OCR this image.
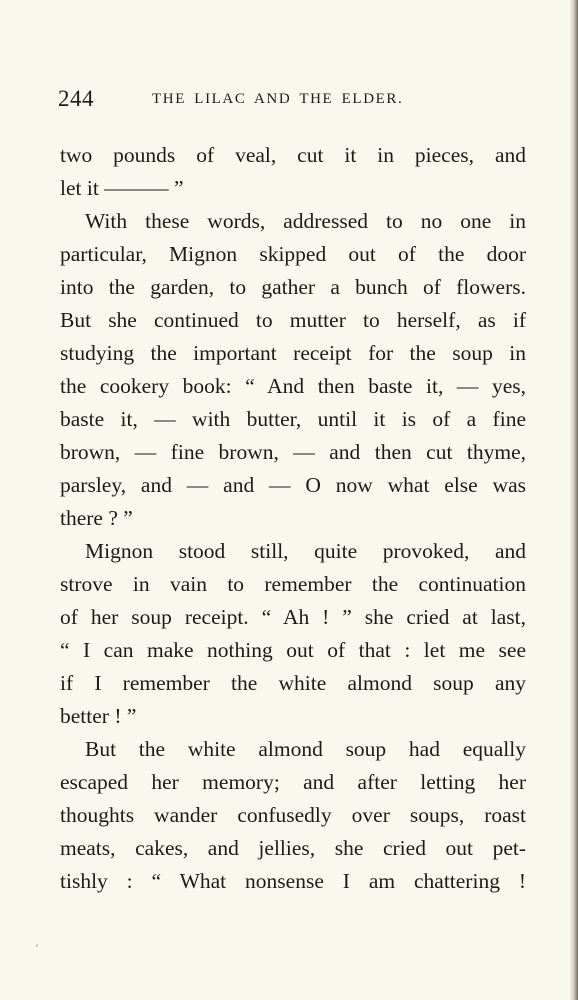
244	THE LILAC AND THE ELDER.
two pounds of veal, cut it in pieces, and
let it ——— ”
With these words, addressed to no one in
particular, Mignon skipped out of the door
into the garden, to gather a bunch of flowers.
But she continued to mutter to herself, as if
studying the important receipt for the soup in
the cookery book: “ And then baste it, — yes,
baste it, — with butter, until it is of a fine
brown, — fine brown, — and then cut thyme,
parsley, and — and — O now what else was
there ? ”
Mignon stood still, quite provoked, and
strove in vain to remember the continuation
of her soup receipt. “ Ah ! ” she cried at last,
“ I can make nothing out of that : let me see
if I remember the white almond soup any
better ! ”
But the white almond soup had equally
escaped her memory; and after letting her
thoughts wander confusedly over soups, roast
meats, cakes, and jellies, she cried out pet-
tishly : “ What nonsense I am chattering !
